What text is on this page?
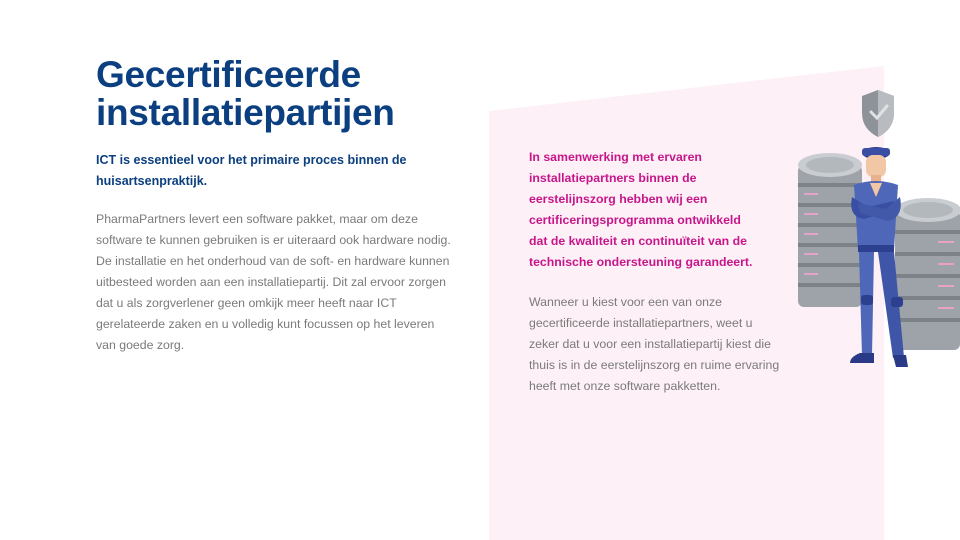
Gecertificeerde installatiepartijen

ICT is essentieel voor het primaire proces binnen de huisartsenpraktijk.

PharmaPartners levert een software pakket, maar om deze software te kunnen gebruiken is er uiteraard ook hardware nodig. De installatie en het onderhoud van de soft- en hardware kunnen uitbesteed worden aan een installatiepartij. Dit zal ervoor zorgen dat u als zorgverlener geen omkijk meer heeft naar ICT gerelateerde zaken en u volledig kunt focussen op het leveren van goede zorg.

In samenwerking met ervaren installatiepartners binnen de eerstelijnszorg hebben wij een certificeringsprogramma ontwikkeld dat de kwaliteit en continuïteit van de technische ondersteuning garandeert.

Wanneer u kiest voor een van onze gecertificeerde installatiepartners, weet u zeker dat u voor een installatiepartij kiest die thuis is in de eerstelijnszorg en ruime ervaring heeft met onze software pakketten.
